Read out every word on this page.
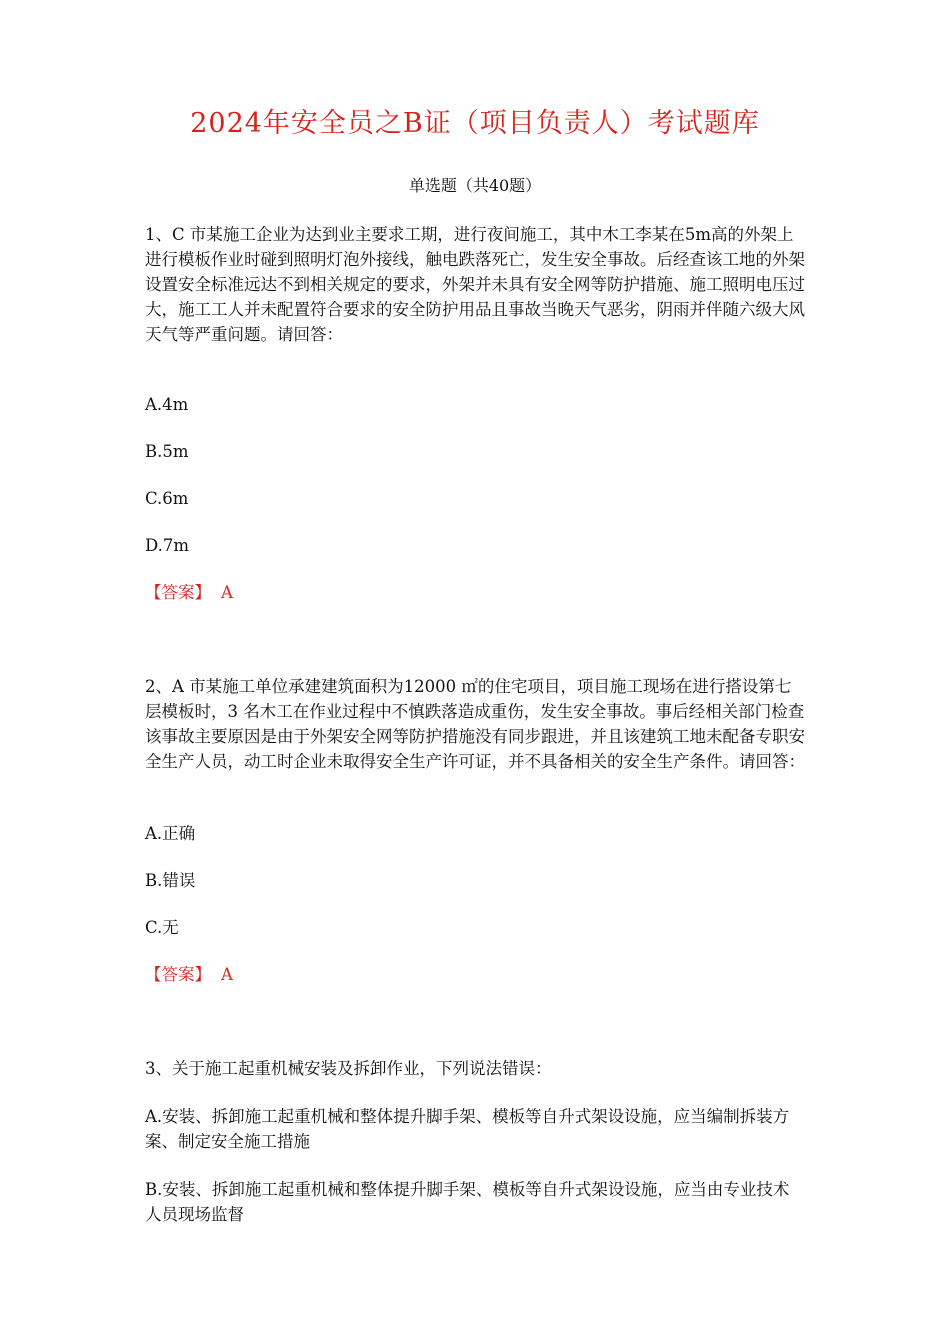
2024年安全员之B证（项目负责人）考试题库
单选题（共40题）

1、C 市某施工企业为达到业主要求工期，进行夜间施工，其中木工李某在5m高的外架上进行模板作业时碰到照明灯泡外接线，触电跌落死亡，发生安全事故。后经查该工地的外架设置安全标准远达不到相关规定的要求，外架并未具有安全网等防护措施、施工照明电压过大，施工工人并未配置符合要求的安全防护用品且事故当晚天气恶劣，阴雨并伴随六级大风天气等严重问题。请回答：

A.4m

B.5m

C.6m

D.7m

【答案】 A

2、A 市某施工单位承建建筑面积为12000 ㎡的住宅项目，项目施工现场在进行搭设第七层模板时，3 名木工在作业过程中不慎跌落造成重伤，发生安全事故。事后经相关部门检查该事故主要原因是由于外架安全网等防护措施没有同步跟进，并且该建筑工地未配备专职安全生产人员，动工时企业未取得安全生产许可证，并不具备相关的安全生产条件。请回答：

A.正确

B.错误

C.无

【答案】 A

3、关于施工起重机械安装及拆卸作业，下列说法错误：

A.安装、拆卸施工起重机械和整体提升脚手架、模板等自升式架设设施，应当编制拆装方案、制定安全施工措施

B.安装、拆卸施工起重机械和整体提升脚手架、模板等自升式架设设施，应当由专业技术人员现场监督
